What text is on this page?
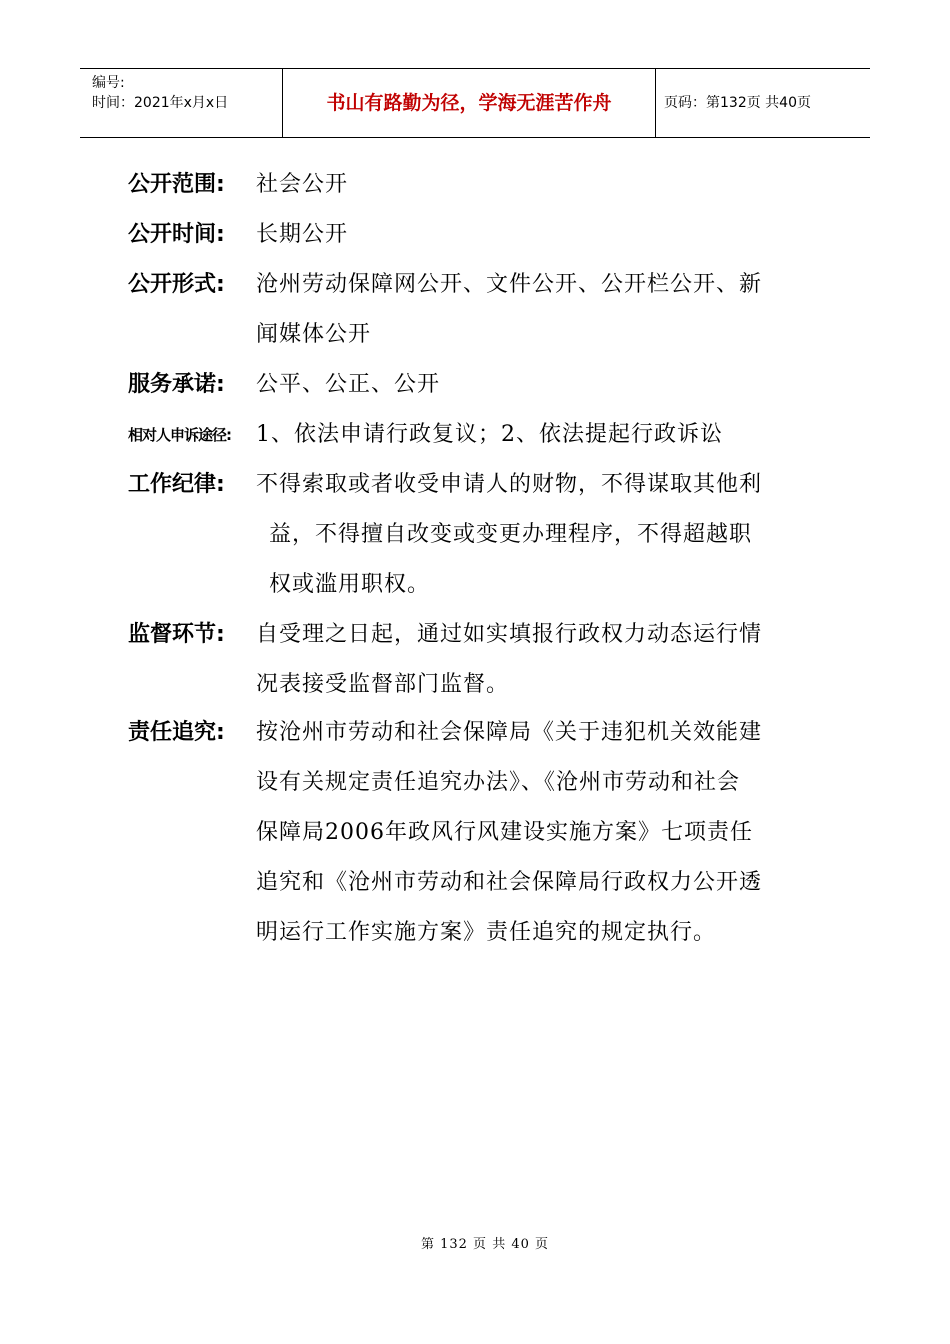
编号:
时间：2021年x月x日	书山有路勤为径，学海无涯苦作舟	页码：第132页 共40页
公开范围: 社会公开
公开时间: 长期公开
公开形式: 沧州劳动保障网公开、文件公开、公开栏公开、新
闻媒体公开
服务承诺: 公平、公正、公开
相对人申诉途径: 1、依法申请行政复议；2、依法提起行政诉讼
工作纪律: 不得索取或者收受申请人的财物，不得谋取其他利
益，不得擅自改变或变更办理程序，不得超越职
权或滥用职权。
监督环节: 自受理之日起，通过如实填报行政权力动态运行情
况表接受监督部门监督。
责任追究: 按沧州市劳动和社会保障局《关于违犯机关效能建
设有关规定责任追究办法》、《沧州市劳动和社会
保障局2006年政风行风建设实施方案》七项责任
追究和《沧州市劳动和社会保障局行政权力公开透
明运行工作实施方案》责任追究的规定执行。
第 132 页 共 40 页
